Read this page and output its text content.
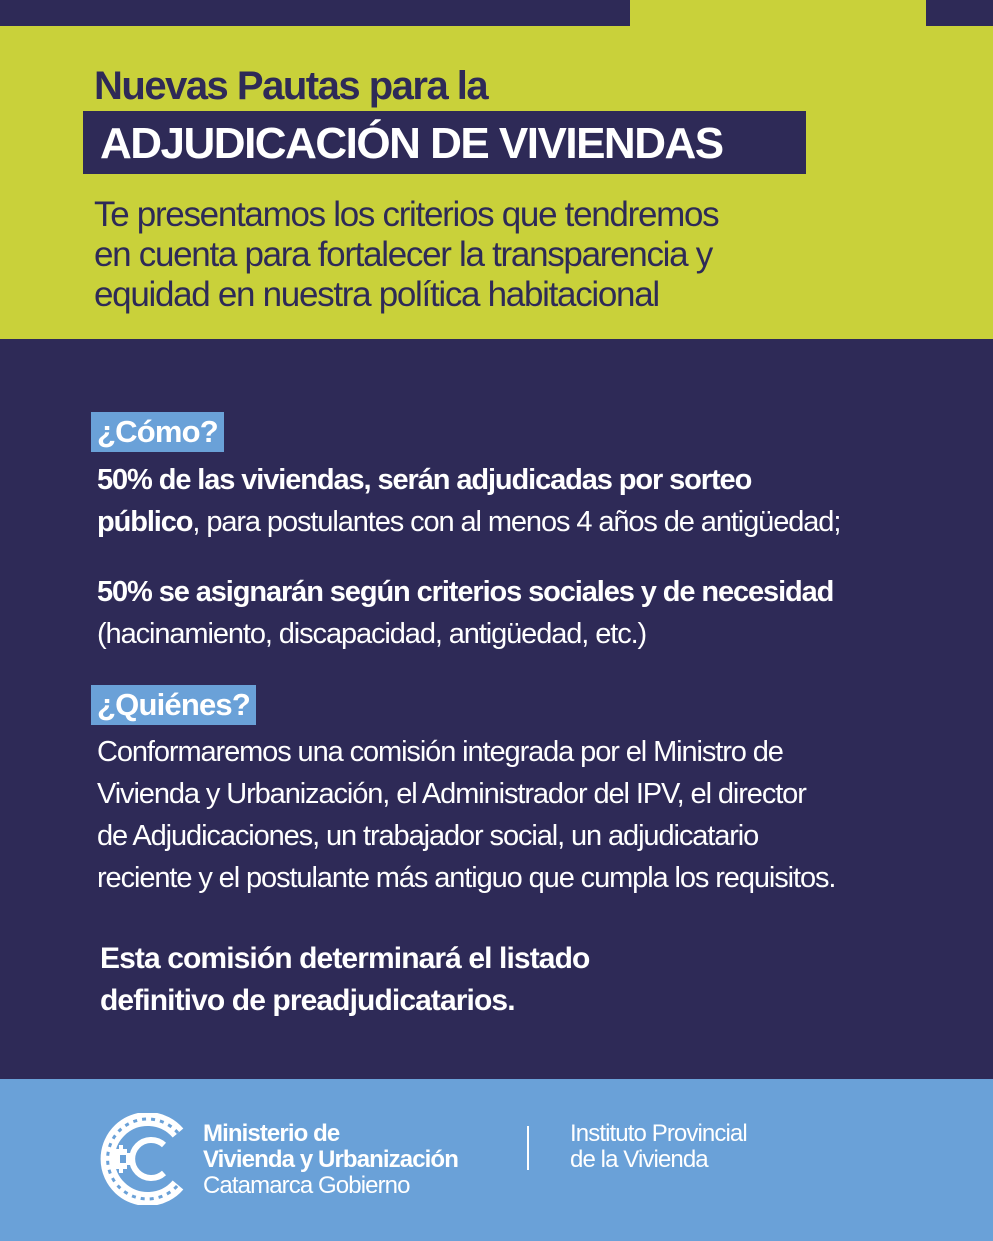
Nuevas Pautas para la
ADJUDICACIÓN DE VIVIENDAS
Te presentamos los criterios que tendremos
en cuenta para fortalecer la transparencia y
equidad en nuestra política habitacional
¿Cómo?
50% de las viviendas, serán adjudicadas por sorteo
público, para postulantes con al menos 4 años de antigüedad;
50% se asignarán según criterios sociales y de necesidad
(hacinamiento, discapacidad, antigüedad, etc.)
¿Quiénes?
Conformaremos una comisión integrada por el Ministro de
Vivienda y Urbanización, el Administrador del IPV, el director
de Adjudicaciones, un trabajador social, un adjudicatario
reciente y el postulante más antiguo que cumpla los requisitos.
Esta comisión determinará el listado
definitivo de preadjudicatarios.
Ministerio de
Vivienda y Urbanización
Catamarca Gobierno
Instituto Provincial
de la Vivienda
